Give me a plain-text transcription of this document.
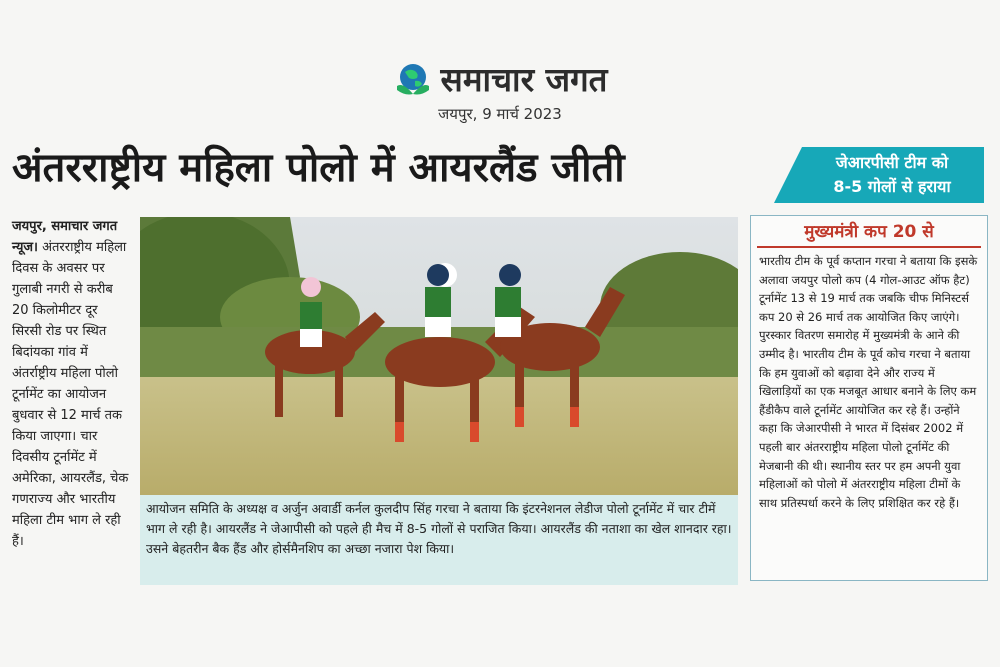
समाचार जगत
जयपुर, 9 मार्च 2023
अंतरराष्ट्रीय महिला पोलो में आयरलैंड जीती	जेआरपीसी टीम को
8-5 गोलों से हराया
जयपुर, समाचार जगत न्यूज। अंतरराष्ट्रीय महिला दिवस के अवसर पर गुलाबी नगरी से करीब 20 किलोमीटर दूर सिरसी रोड पर स्थित बिदांयका गांव में अंतर्राष्ट्रीय महिला पोलो टूर्नामेंट का आयोजन बुधवार से 12 मार्च तक किया जाएगा। चार दिवसीय टूर्नामेंट में अमेरिका, आयरलैंड, चेक गणराज्य और भारतीय महिला टीम भाग ले रही हैं।
आयोजन समिति के अध्यक्ष व अर्जुन अवार्डी कर्नल कुलदीप सिंह गरचा ने बताया कि इंटरनेशनल लेडीज पोलो टूर्नामेंट में चार टीमें भाग ले रही है। आयरलैंड ने जेआपीसी को पहले ही मैच में 8-5 गोलों से पराजित किया। आयरलैंड की नताशा का खेल शानदार रहा। उसने बेहतरीन बैक हैंड और होर्समैनशिप का अच्छा नजारा पेश किया।
मुख्यमंत्री कप 20 से
भारतीय टीम के पूर्व कप्तान गरचा ने बताया कि इसके अलावा जयपुर पोलो कप (4 गोल-आउट ऑफ हैट) टूर्नामेंट 13 से 19 मार्च तक जबकि चीफ मिनिस्टर्स कप 20 से 26 मार्च तक आयोजित किए जाएंगे। पुरस्कार वितरण समारोह में मुख्यमंत्री के आने की उम्मीद है। भारतीय टीम के पूर्व कोच गरचा ने बताया कि हम युवाओं को बढ़ावा देने और राज्य में खिलाड़ियों का एक मजबूत आधार बनाने के लिए कम हैंडीकैप वाले टूर्नामेंट आयोजित कर रहे हैं। उन्होंने कहा कि जेआरपीसी ने भारत में दिसंबर 2002 में पहली बार अंतरराष्ट्रीय महिला पोलो टूर्नामेंट की मेजबानी की थी। स्थानीय स्तर पर हम अपनी युवा महिलाओं को पोलो में अंतरराष्ट्रीय महिला टीमों के साथ प्रतिस्पर्धा करने के लिए प्रशिक्षित कर रहे हैं।
